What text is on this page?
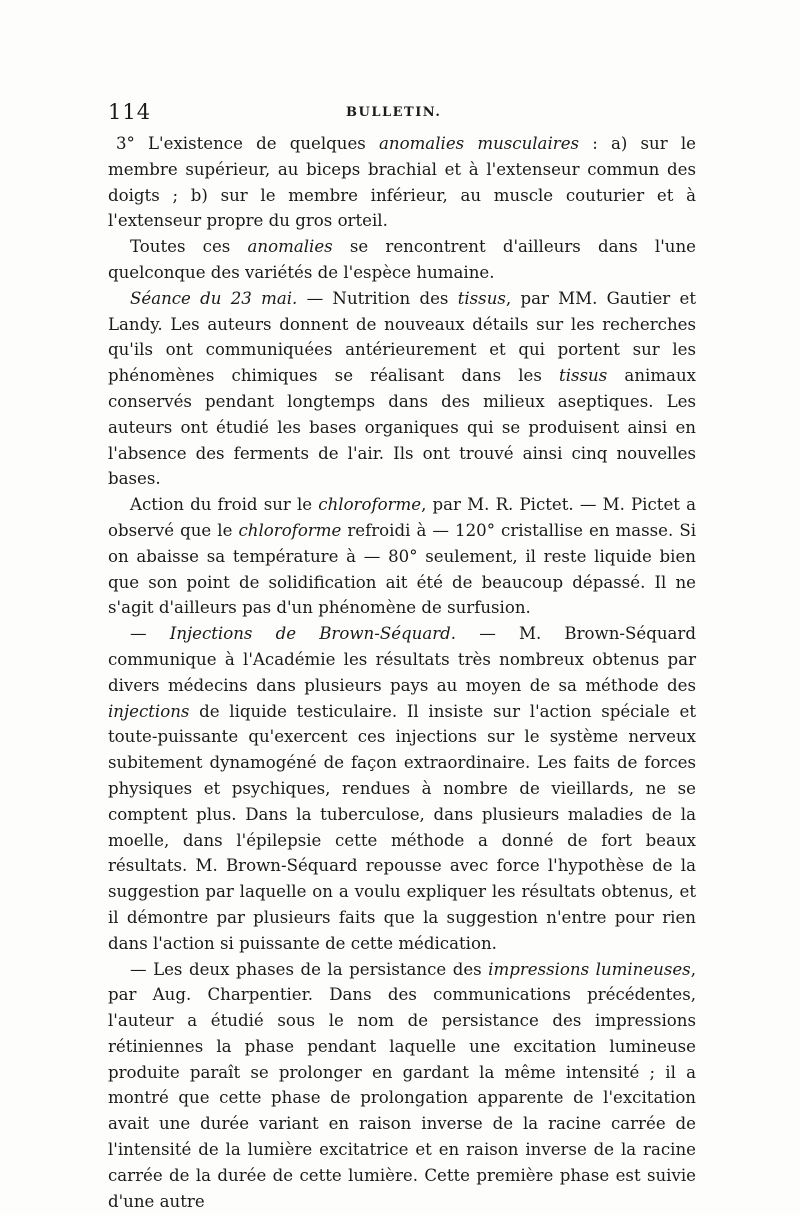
114	BULLETIN.

3° L'existence de quelques anomalies musculaires : a) sur le membre supérieur, au biceps brachial et à l'extenseur commun des doigts ; b) sur le membre inférieur, au muscle couturier et à l'extenseur propre du gros orteil.

Toutes ces anomalies se rencontrent d'ailleurs dans l'une quelconque des variétés de l'espèce humaine.

Séance du 23 mai. — Nutrition des tissus, par MM. Gautier et Landy. Les auteurs donnent de nouveaux détails sur les recherches qu'ils ont communiquées antérieurement et qui portent sur les phénomènes chimiques se réalisant dans les tissus animaux conservés pendant longtemps dans des milieux aseptiques. Les auteurs ont étudié les bases organiques qui se produisent ainsi en l'absence des ferments de l'air. Ils ont trouvé ainsi cinq nouvelles bases.

Action du froid sur le chloroforme, par M. R. Pictet. — M. Pictet a observé que le chloroforme refroidi à — 120° cristallise en masse. Si on abaisse sa température à — 80° seulement, il reste liquide bien que son point de solidification ait été de beaucoup dépassé. Il ne s'agit d'ailleurs pas d'un phénomène de surfusion.

— Injections de Brown-Séquard. — M. Brown-Séquard communique à l'Académie les résultats très nombreux obtenus par divers médecins dans plusieurs pays au moyen de sa méthode des injections de liquide testiculaire. Il insiste sur l'action spéciale et toute-puissante qu'exercent ces injections sur le système nerveux subitement dynamogéné de façon extraordinaire. Les faits de forces physiques et psychiques, rendues à nombre de vieillards, ne se comptent plus. Dans la tuberculose, dans plusieurs maladies de la moelle, dans l'épilepsie cette méthode a donné de fort beaux résultats. M. Brown-Séquard repousse avec force l'hypothèse de la suggestion par laquelle on a voulu expliquer les résultats obtenus, et il démontre par plusieurs faits que la suggestion n'entre pour rien dans l'action si puissante de cette médication.

— Les deux phases de la persistance des impressions lumineuses, par Aug. Charpentier. Dans des communications précédentes, l'auteur a étudié sous le nom de persistance des impressions rétiniennes la phase pendant laquelle une excitation lumineuse produite paraît se prolonger en gardant la même intensité ; il a montré que cette phase de prolongation apparente de l'excitation avait une durée variant en raison inverse de la racine carrée de l'intensité de la lumière excitatrice et en raison inverse de la racine carrée de la durée de cette lumière. Cette première phase est suivie d'une autre
